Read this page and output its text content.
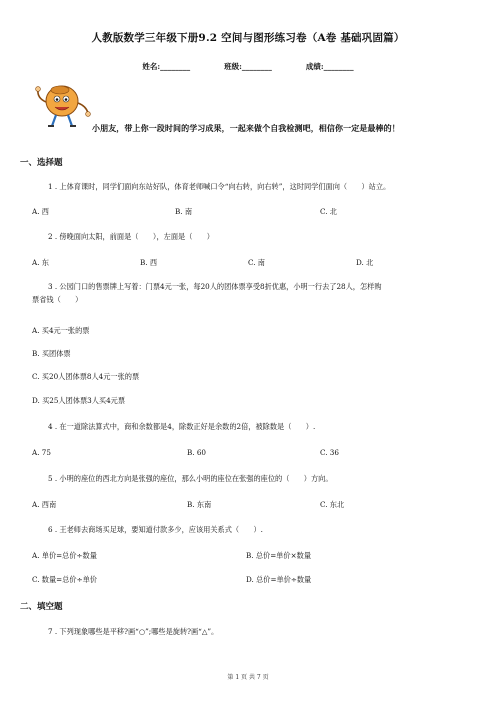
人教版数学三年级下册9.2 空间与图形练习卷（A卷 基础巩固篇）
姓名:________	班级:________	成绩:________
小朋友，带上你一段时间的学习成果，一起来做个自我检测吧，相信你一定是最棒的！
一、选择题
1 . 上体育课时，同学们面向东站好队，体育老师喊口令“向右转，向右转”，这时同学们面向（　　）站立。
A. 西	B. 南	C. 北
2 . 傍晚面向太阳，前面是（　　），左面是（　　）
A. 东	B. 西	C. 南	D. 北
3 . 公园门口的售票牌上写着：门票4元一张，每20人的团体票享受8折优惠，小明一行去了28人，怎样购
票省钱（　　）
A. 买4元一张的票
B. 买团体票
C. 买20人团体票8人4元一张的票
D. 买25人团体票3人买4元票
4 . 在一道除法算式中，商和余数都是4，除数正好是余数的2倍，被除数是（　　）.
A. 75	B. 60	C. 36
5 . 小明的座位的西北方向是张强的座位，那么小明的座位在张强的座位的（　　）方向。
A. 西南	B. 东南	C. 东北
6 . 王老师去商场买足球，要知道付款多少，应该用关系式（　　）.
A. 单价=总价÷数量	B. 总价=单价×数量
C. 数量=总价÷单价	D. 总价=单价÷数量
二、填空题
7 . 下列现象哪些是平移?画“○”;哪些是旋转?画“△”。
第 1 页 共 7 页
